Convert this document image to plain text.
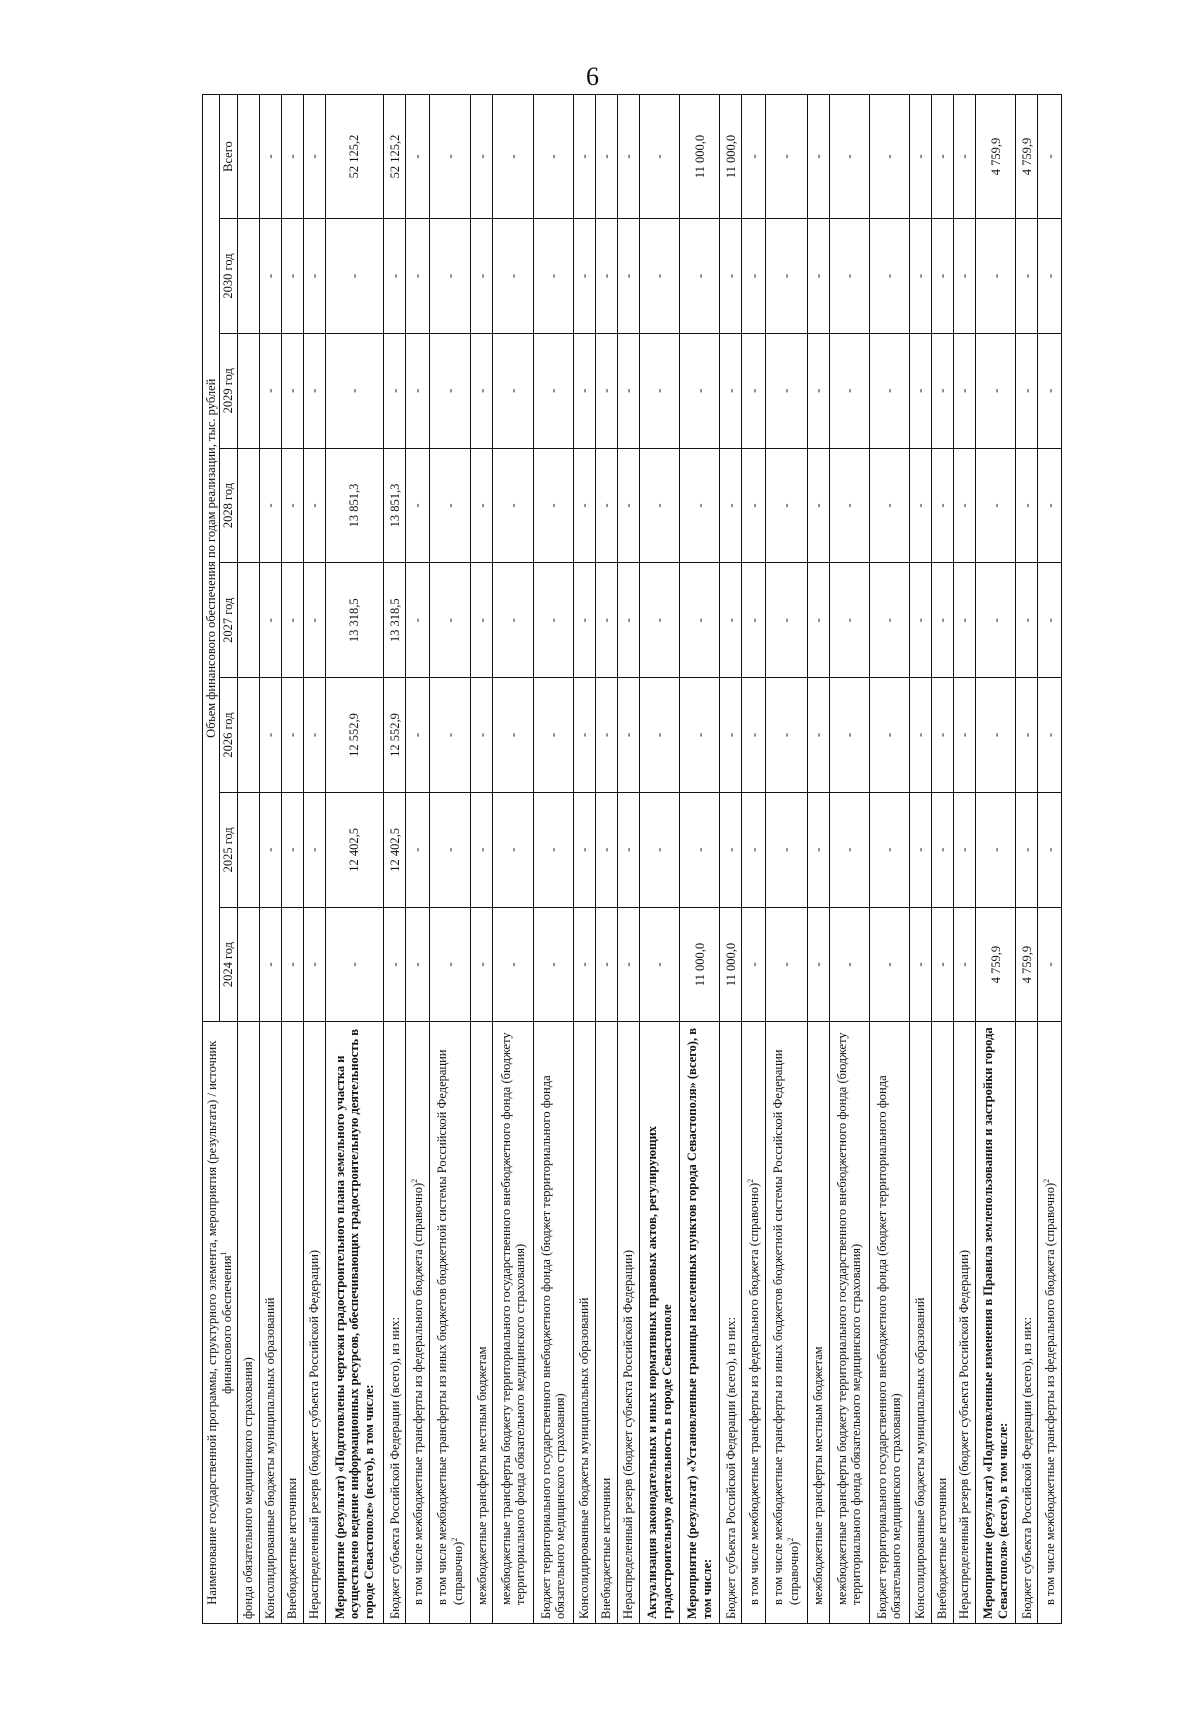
6
Наименование государственной программы, структурного элемента, мероприятия (результата) / источник финансового обеспечения$^1$	Объем финансового обеспечения по годам реализации, тыс. рублей							
	2024 год	2025 год	2026 год	2027 год	2028 год	2029 год	2030 год	Всего
фонда обязательного медицинского страхования)								
Консолидированные бюджеты муниципальных образований	-	-	-	-	-	-	-	-
Внебюджетные источники	-	-	-	-	-	-	-	-
Нераспределенный резерв (бюджет субъекта Российской Федерации)	-	-	-	-	-	-	-	-
Мероприятие (результат) «Подготовлены чертежи градостроительного плана земельного участка и осуществлено ведение информационных ресурсов, обеспечивающих градостроительную деятельность в городе Севастополе» (всего), в том числе:	-	12 402,5	12 552,9	13 318,5	13 851,3	-	-	52 125,2
Бюджет субъекта Российской Федерации (всего), из них:	-	12 402,5	12 552,9	13 318,5	13 851,3	-	-	52 125,2
в том числе межбюджетные трансферты из федерального бюджета (справочно)$^2$	-	-	-	-	-	-	-	-
в том числе межбюджетные трансферты из иных бюджетов бюджетной системы Российской Федерации (справочно)$^2$	-	-	-	-	-	-	-	-
межбюджетные трансферты местным бюджетам	-	-	-	-	-	-	-	-
межбюджетные трансферты бюджету территориального государственного внебюджетного фонда (бюджету территориального фонда обязательного медицинского страхования)	-	-	-	-	-	-	-	-
Бюджет территориального государственного внебюджетного фонда (бюджет территориального фонда обязательного медицинского страхования)	-	-	-	-	-	-	-	-
Консолидированные бюджеты муниципальных образований	-	-	-	-	-	-	-	-
Внебюджетные источники	-	-	-	-	-	-	-	-
Нераспределенный резерв (бюджет субъекта Российской Федерации)	-	-	-	-	-	-	-	-
Актуализация законодательных и иных нормативных правовых актов, регулирующих градостроительную деятельность в городе Севастополе	-	-	-	-	-	-	-	-
Мероприятие (результат) «Установленные границы населенных пунктов города Севастополя» (всего), в том числе:	11 000,0	-	-	-	-	-	-	11 000,0
Бюджет субъекта Российской Федерации (всего), из них:	11 000,0	-	-	-	-	-	-	11 000,0
в том числе межбюджетные трансферты из федерального бюджета (справочно)$^2$	-	-	-	-	-	-	-	-
в том числе межбюджетные трансферты из иных бюджетов бюджетной системы Российской Федерации (справочно)$^2$	-	-	-	-	-	-	-	-
межбюджетные трансферты местным бюджетам	-	-	-	-	-	-	-	-
межбюджетные трансферты бюджету территориального государственного внебюджетного фонда (бюджету территориального фонда обязательного медицинского страхования)	-	-	-	-	-	-	-	-
Бюджет территориального государственного внебюджетного фонда (бюджет территориального фонда обязательного медицинского страхования)	-	-	-	-	-	-	-	-
Консолидированные бюджеты муниципальных образований	-	-	-	-	-	-	-	-
Внебюджетные источники	-	-	-	-	-	-	-	-
Нераспределенный резерв (бюджет субъекта Российской Федерации)	-	-	-	-	-	-	-	-
Мероприятие (результат) «Подготовленные изменения в Правила землепользования и застройки города Севастополя» (всего), в том числе:	4 759,9	-	-	-	-	-	-	4 759,9
Бюджет субъекта Российской Федерации (всего), из них:	4 759,9	-	-	-	-	-	-	4 759,9
в том числе межбюджетные трансферты из федерального бюджета (справочно)$^2$	-	-	-	-	-	-	-	-
